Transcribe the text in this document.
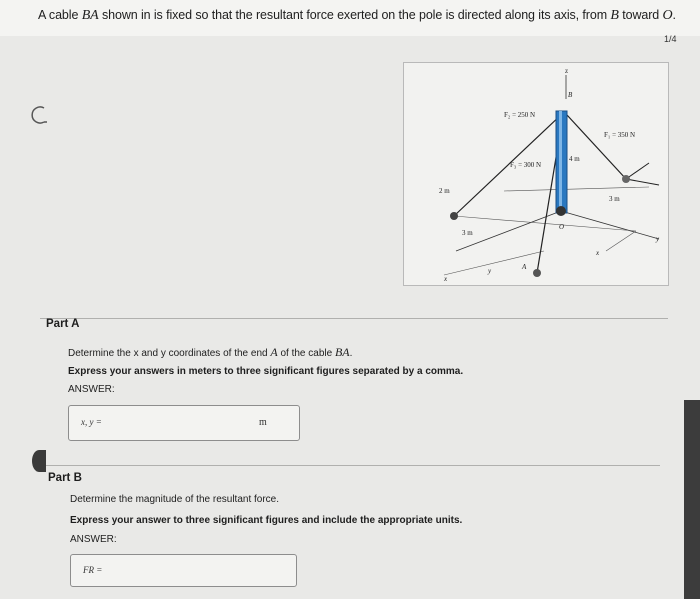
A cable BA shown in is fixed so that the resultant force exerted on the pole is directed along its axis, from B toward O.
1/4
z
B
F₂ = 250 N
F₁ = 350 N
4 m
F₃ = 300 N
2 m
3 m
O
3 m
y
x
A
y
x
Part A
Determine the x and y coordinates of the end A of the cable BA.
Express your answers in meters to three significant figures separated by a comma.
ANSWER:
x, y =	m
Part B
Determine the magnitude of the resultant force.
Express your answer to three significant figures and include the appropriate units.
ANSWER:
FR =
